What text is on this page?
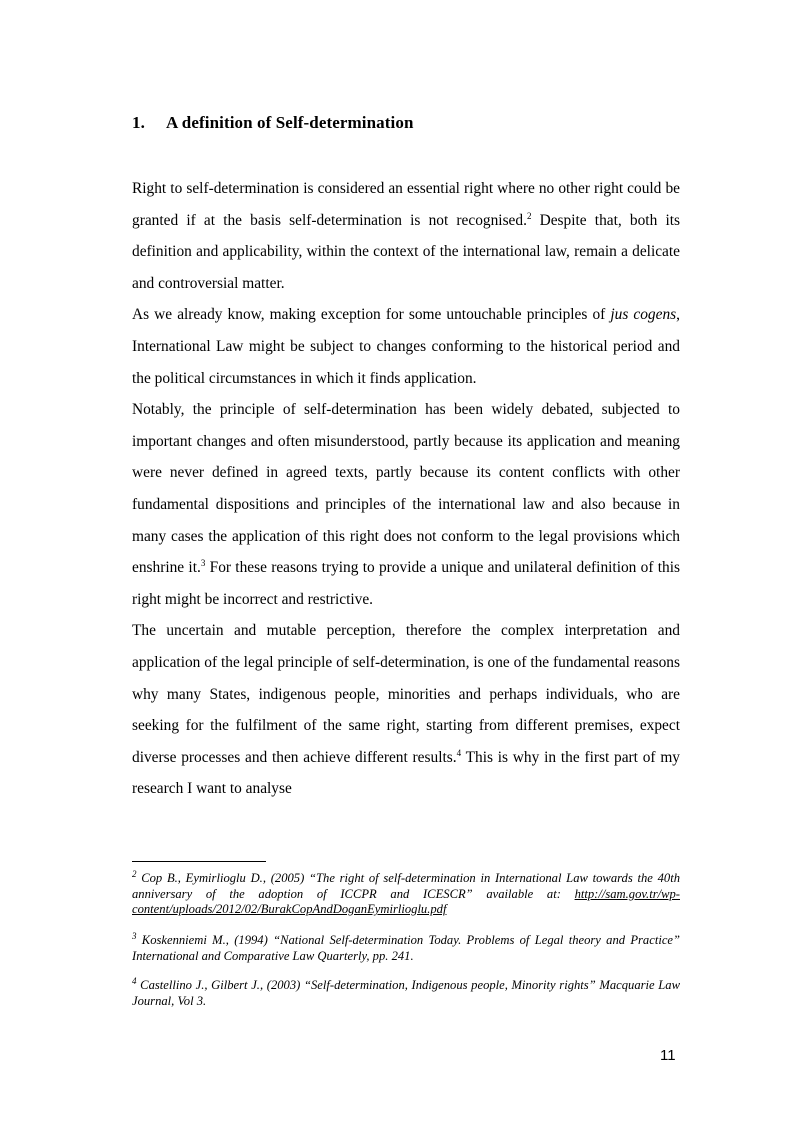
1. A definition of Self-determination

Right to self-determination is considered an essential right where no other right could be granted if at the basis self-determination is not recognised.$^2$ Despite that, both its definition and applicability, within the context of the international law, remain a delicate and controversial matter.

As we already know, making exception for some untouchable principles of jus cogens, International Law might be subject to changes conforming to the historical period and the political circumstances in which it finds application.

Notably, the principle of self-determination has been widely debated, subjected to important changes and often misunderstood, partly because its application and meaning were never defined in agreed texts, partly because its content conflicts with other fundamental dispositions and principles of the international law and also because in many cases the application of this right does not conform to the legal provisions which enshrine it.$^3$ For these reasons trying to provide a unique and unilateral definition of this right might be incorrect and restrictive.

The uncertain and mutable perception, therefore the complex interpretation and application of the legal principle of self-determination, is one of the fundamental reasons why many States, indigenous people, minorities and perhaps individuals, who are seeking for the fulfilment of the same right, starting from different premises, expect diverse processes and then achieve different results.$^4$ This is why in the first part of my research I want to analyse

$^2$ Cop B., Eymirlioglu D., (2005) “The right of self-determination in International Law towards the 40th anniversary of the adoption of ICCPR and ICESCR” available at: http://sam.gov.tr/wp-content/uploads/2012/02/BurakCopAndDoganEymirlioglu.pdf

$^3$ Koskenniemi M., (1994) “National Self-determination Today. Problems of Legal theory and Practice” International and Comparative Law Quarterly, pp. 241.

$^4$ Castellino J., Gilbert J., (2003) “Self-determination, Indigenous people, Minority rights” Macquarie Law Journal, Vol 3.

11
